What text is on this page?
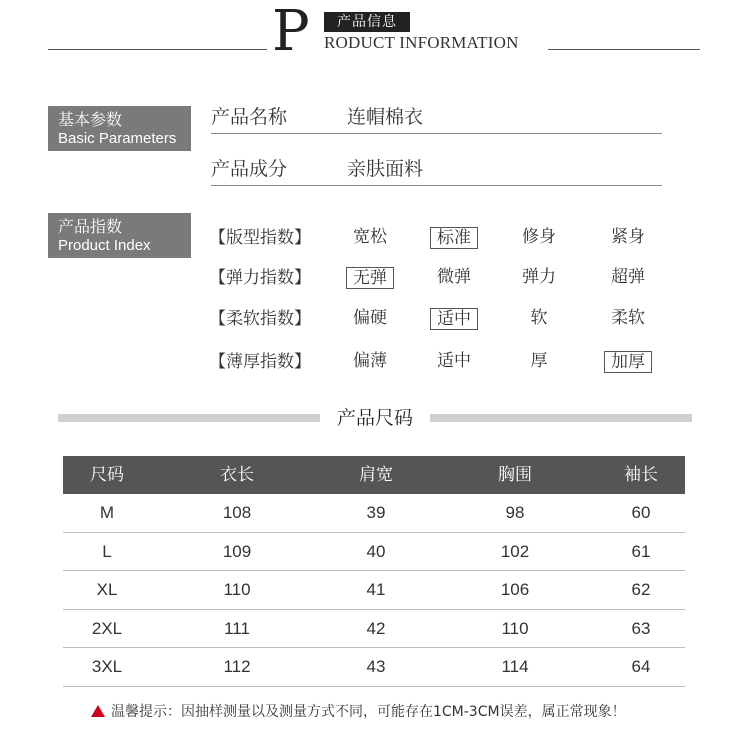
P	产品信息
RODUCT INFORMATION
基本参数
Basic Parameters
产品名称	连帽棉衣
产品成分	亲肤面料
产品指数
Product Index	【版型指数】 宽松	标准	修身	紧身
【弹力指数】	无弹	微弹	弹力	超弹
【柔软指数】 偏硬	适中	软	柔软
【薄厚指数】 偏薄	适中	厚	加厚
产品尺码
尺码	衣长	肩宽	胸围	袖长
M	108	39	98	60
L	109	40	102	61
XL	110	41	106	62
2XL	111	42	110	63
3XL	112	43	114	64
温馨提示：因抽样测量以及测量方式不同，可能存在1CM-3CM误差，属正常现象！
